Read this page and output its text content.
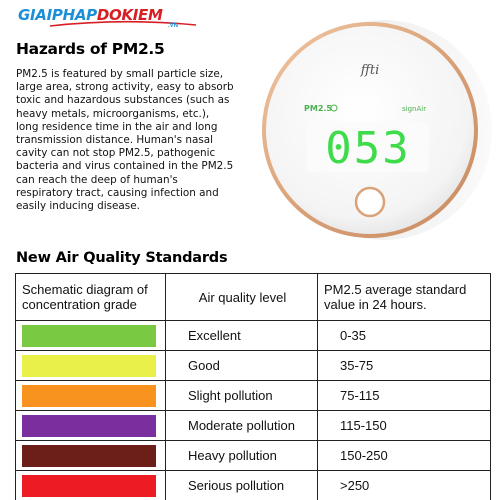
GIAIPHAPDOKIEM
.VN
Hazards of PM2.5
PM2.5 is featured by small particle size, large area, strong activity, easy to absorb toxic and hazardous substances (such as heavy metals, microorganisms, etc.), long residence time in the air and long transmission distance. Human's nasal cavity can not stop PM2.5, pathogenic bacteria and virus contained in the PM2.5 can reach the deep of human's respiratory tract, causing infection and easily inducing disease.
ffti
PM2.5	signAir
053
New Air Quality Standards
Schematic diagram of concentration grade	Air quality level	PM2.5 average standard value in 24 hours.

	Excellent	0-35

	Good	35-75

	Slight pollution	75-115

	Moderate pollution	115-150

	Heavy pollution	150-250

	Serious pollution	>250
